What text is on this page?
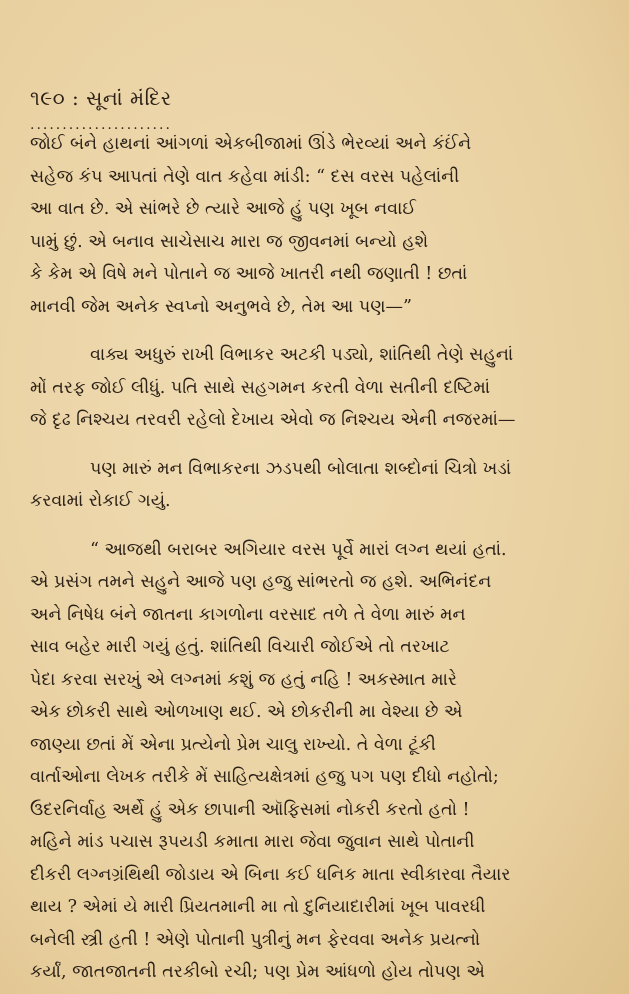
૧૯૦ : સૂનાં મંદિર
......................

જોઈ બંને હાથનાં આંગળાં એકબીજામાં ઊંડે ભેરવ્યાં અને કંઈંને
સહેજ કંપ આપતાં તેણે વાત કહેવા માંડી: “ દસ વરસ પહેલાંની
આ વાત છે. એ સાંભરે છે ત્યારે આજે હું પણ ખૂબ નવાઈ
પામું છું. એ બનાવ સાચેસાચ મારા જ જીવનમાં બન્યો હશે
કે કેમ એ વિષે મને પોતાને જ આજે ખાતરી નથી જણાતી ! છતાં
માનવી જેમ અનેક સ્વપ્નો અનુભવે છે, તેમ આ પણ—”

વાક્ય અધુરું રાખી વિભાકર અટકી પડ્યો, શાંતિથી તેણે સહુનાં
મોં તરફ જોઈ લીધું. પતિ સાથે સહગમન કરતી વેળા સતીની દષ્ટિમાં
જે દૃઢ નિશ્ચય તરવરી રહેલો દેખાય એવો જ નિશ્ચય એની નજરમાં—

પણ મારું મન વિભાકરના ઝડપથી બોલાતા શબ્દોનાં ચિત્રો ખડાં
કરવામાં રોકાઈ ગયું.

“ આજથી બરાબર અગિયાર વરસ પૂર્વે મારાં લગ્ન થયાં હતાં.
એ પ્રસંગ તમને સહુને આજે પણ હજુ સાંભરતો જ હશે. અભિનંદન
અને નિષેધ બંને જાતના કાગળોના વરસાદ તળે તે વેળા મારું મન
સાવ બહેર મારી ગયું હતું. શાંતિથી વિચારી જોઈએ તો તરખાટ
પેદા કરવા સરખું એ લગ્નમાં કશું જ હતું નહિ ! અકસ્માત મારે
એક છોકરી સાથે ઓળખાણ થઈ. એ છોકરીની મા વેશ્યા છે એ
જાણ્યા છતાં મેં એના પ્રત્યેનો પ્રેમ ચાલુ રાખ્યો. તે વેળા ટૂંકી
વાર્તાઓના લેખક તરીકે મેં સાહિત્યક્ષેત્રમાં હજુ પગ પણ દીધો નહોતો;
ઉદરનિર્વાહ અર્થે હું એક છાપાની ઑફિસમાં નોકરી કરતો હતો !
મહિને માંડ પચાસ રૂપયડી કમાતા મારા જેવા જુવાન સાથે પોતાની
દીકરી લગ્નગ્રંથિથી જોડાય એ બિના કઈ ધનિક માતા સ્વીકારવા તૈયાર
થાય ? એમાં યે મારી પ્રિયતમાની મા તો દુનિયાદારીમાં ખૂબ પાવરધી
બનેલી સ્ત્રી હતી ! એણે પોતાની પુત્રીનું મન ફેરવવા અનેક પ્રયત્નો
કર્યાં, જાતજાતની તરકીબો રચી; પણ પ્રેમ આંધળો હોય તોપણ એ
